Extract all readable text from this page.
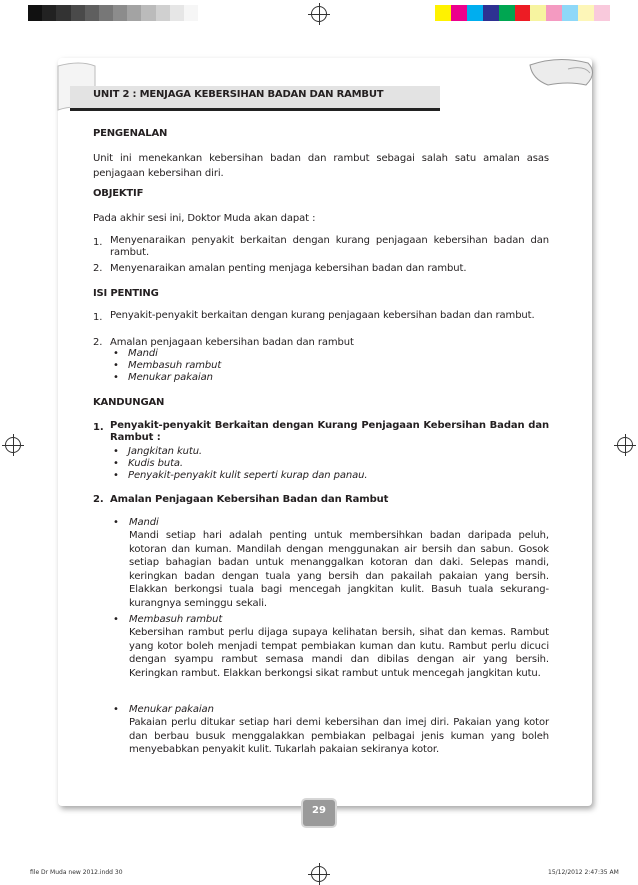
UNIT 2 : MENJAGA KEBERSIHAN BADAN DAN RAMBUT
PENGENALAN
Unit ini menekankan kebersihan badan dan rambut sebagai salah satu amalan asas penjagaan kebersihan diri.
OBJEKTIF
Pada akhir sesi ini, Doktor Muda akan dapat :
1. Menyenaraikan penyakit berkaitan dengan kurang penjagaan kebersihan badan dan rambut.
2. Menyenaraikan amalan penting menjaga kebersihan badan dan rambut.
ISI PENTING
1. Penyakit-penyakit berkaitan dengan kurang penjagaan kebersihan badan dan rambut.
2. Amalan penjagaan kebersihan badan dan rambut
•   Mandi
•   Membasuh rambut
•   Menukar pakaian
KANDUNGAN
1. Penyakit-penyakit Berkaitan dengan Kurang Penjagaan Kebersihan Badan dan Rambut :
•   Jangkitan kutu.
•   Kudis buta.
•   Penyakit-penyakit kulit seperti kurap dan panau.
2. Amalan Penjagaan Kebersihan Badan dan Rambut
• Mandi
Mandi setiap hari adalah penting untuk membersihkan badan daripada peluh, kotoran dan kuman. Mandilah dengan menggunakan air bersih dan sabun. Gosok setiap bahagian badan untuk menanggalkan kotoran dan daki. Selepas mandi, keringkan badan dengan tuala yang bersih dan pakailah pakaian yang bersih. Elakkan berkongsi tuala bagi mencegah jangkitan kulit. Basuh tuala sekurang-kurangnya seminggu sekali.
• Membasuh rambut
Kebersihan rambut perlu dijaga supaya kelihatan bersih, sihat dan kemas. Rambut yang kotor boleh menjadi tempat pembiakan kuman dan kutu. Rambut perlu dicuci dengan syampu rambut semasa mandi dan dibilas dengan air yang bersih. Keringkan rambut. Elakkan berkongsi sikat rambut untuk mencegah jangkitan kutu.
• Menukar pakaian
Pakaian perlu ditukar setiap hari demi kebersihan dan imej diri. Pakaian yang kotor dan berbau busuk menggalakkan pembiakan pelbagai jenis kuman yang boleh menyebabkan penyakit kulit. Tukarlah pakaian sekiranya kotor.
29
file Dr Muda new 2012.indd 30	15/12/2012 2:47:35 AM
